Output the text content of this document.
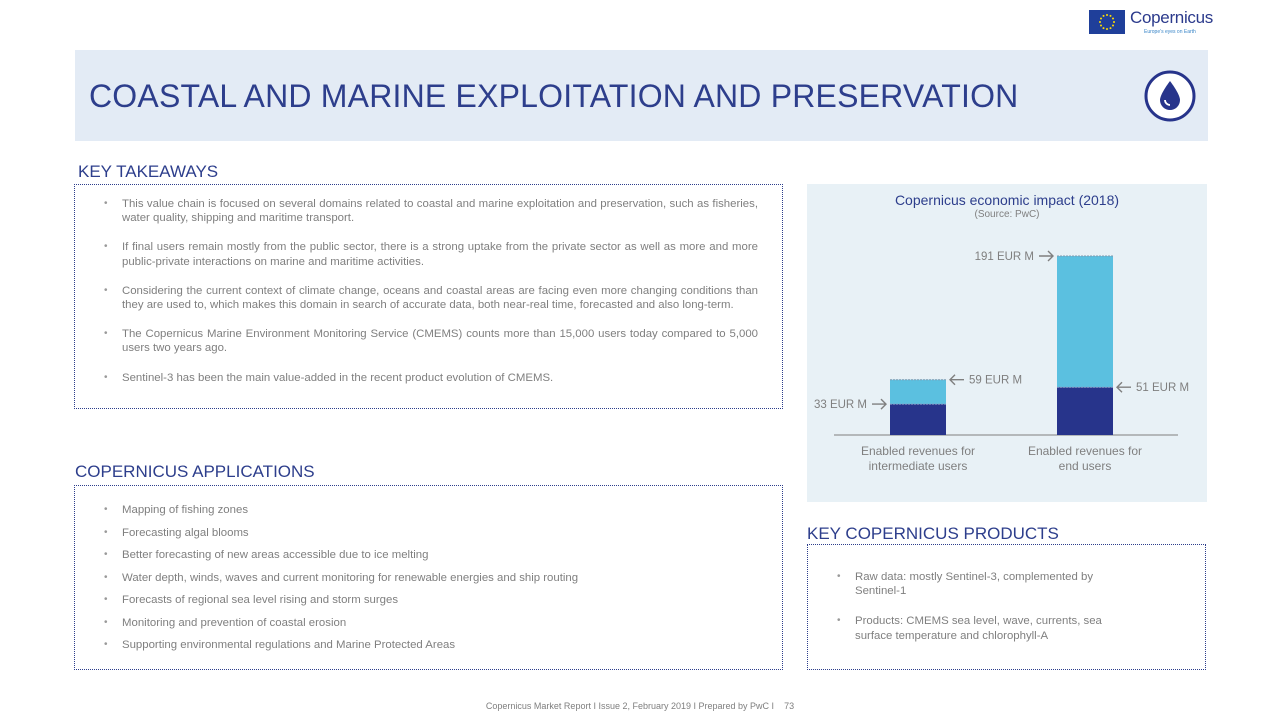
Copernicus
Europe's eyes on Earth
COASTAL AND MARINE EXPLOITATION AND PRESERVATION
KEY TAKEAWAYS
• This value chain is focused on several domains related to coastal and marine exploitation and preservation, such as fisheries, water quality, shipping and maritime transport.
• If final users remain mostly from the public sector, there is a strong uptake from the private sector as well as more and more public-private interactions on marine and maritime activities.
• Considering the current context of climate change, oceans and coastal areas are facing even more changing conditions than they are used to, which makes this domain in search of accurate data, both near-real time, forecasted and also long-term.
• The Copernicus Marine Environment Monitoring Service (CMEMS) counts more than 15,000 users today compared to 5,000 users two years ago.
• Sentinel-3 has been the main value-added in the recent product evolution of CMEMS.
COPERNICUS APPLICATIONS
• Mapping of fishing zones
• Forecasting algal blooms
• Better forecasting of new areas accessible due to ice melting
• Water depth, winds, waves and current monitoring for renewable energies and ship routing
• Forecasts of regional sea level rising and storm surges
• Monitoring and prevention of coastal erosion
• Supporting environmental regulations and Marine Protected Areas
Copernicus economic impact (2018)
(Source: PwC)
33 EUR M
59 EUR M
191 EUR M
51 EUR M
Enabled revenues for intermediate users
Enabled revenues for end users
KEY COPERNICUS PRODUCTS
• Raw data: mostly Sentinel-3, complemented by Sentinel-1
• Products: CMEMS sea level, wave, currents, sea surface temperature and chlorophyll-A
Copernicus Market Report I Issue 2, February 2019 I Prepared by PwC I 73
